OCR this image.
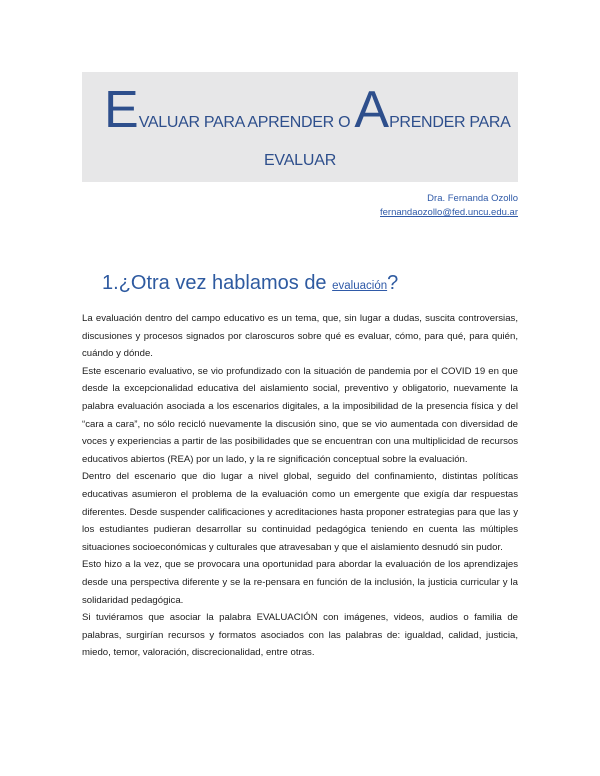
EVALUAR PARA APRENDER O APRENDER PARA
EVALUAR
Dra. Fernanda Ozollo
fernandaozollo@fed.uncu.edu.ar
1.¿Otra vez hablamos de evaluación?

La evaluación dentro del campo educativo es un tema, que, sin lugar a dudas, suscita controversias, discusiones y procesos signados por claroscuros sobre qué es evaluar, cómo, para qué, para quién, cuándo y dónde.

Este escenario evaluativo, se vio profundizado con la situación de pandemia por el COVID 19 en que desde la excepcionalidad educativa del aislamiento social, preventivo y obligatorio, nuevamente la palabra evaluación asociada a los escenarios digitales, a la imposibilidad de la presencia física y del “cara a cara”, no sólo recicló nuevamente la discusión sino, que se vio aumentada con diversidad de voces y experiencias a partir de las posibilidades que se encuentran con una multiplicidad de recursos educativos abiertos (REA) por un lado, y la re significación conceptual sobre la evaluación.

Dentro del escenario que dio lugar a nivel global, seguido del confinamiento, distintas políticas educativas asumieron el problema de la evaluación como un emergente que exigía dar respuestas diferentes. Desde suspender calificaciones y acreditaciones hasta proponer estrategias para que las y los estudiantes pudieran desarrollar su continuidad pedagógica teniendo en cuenta las múltiples situaciones socioeconómicas y culturales que atravesaban y que el aislamiento desnudó sin pudor.

Esto hizo a la vez, que se provocara una oportunidad para abordar la evaluación de los aprendizajes desde una perspectiva diferente y se la re-pensara en función de la inclusión, la justicia curricular y la solidaridad pedagógica.

Si tuviéramos que asociar la palabra EVALUACIÓN con imágenes, videos, audios o familia de palabras, surgirían recursos y formatos asociados con las palabras de: igualdad, calidad, justicia, miedo, temor, valoración, discrecionalidad, entre otras.
